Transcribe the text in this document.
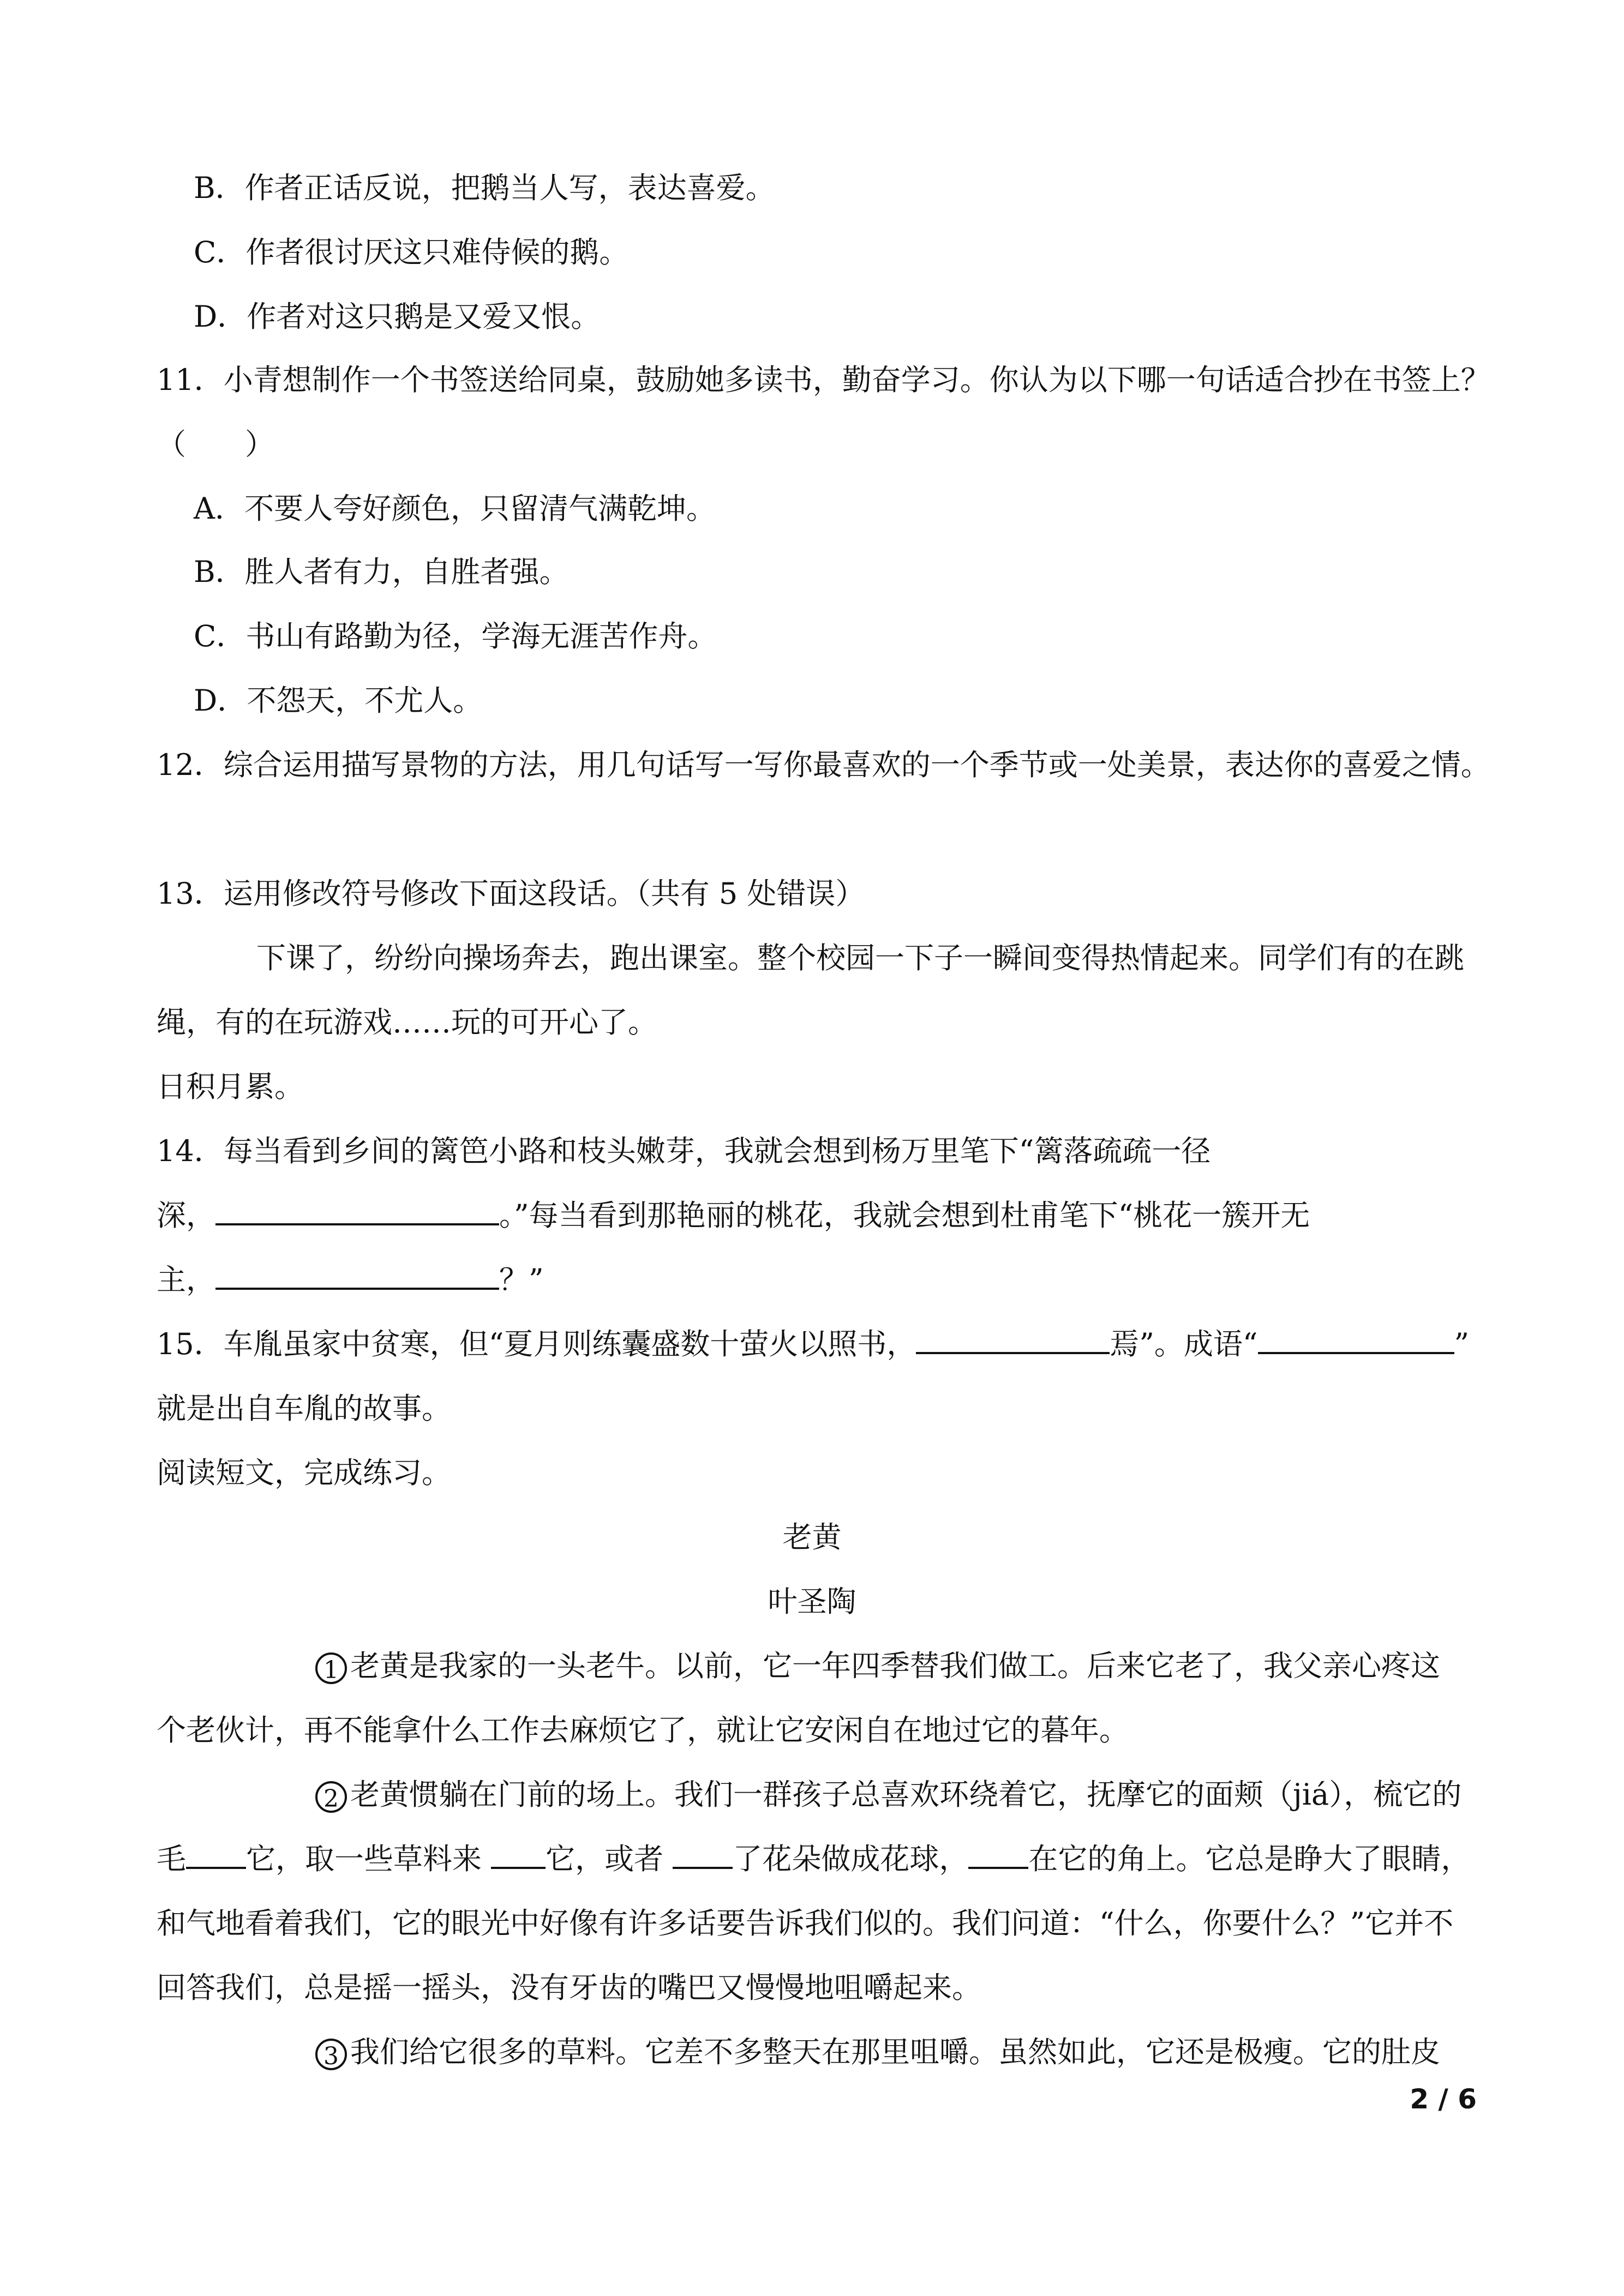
B．作者正话反说，把鹅当人写，表达喜爱。
C．作者很讨厌这只难侍候的鹅。
D．作者对这只鹅是又爱又恨。
11．小青想制作一个书签送给同桌，鼓励她多读书，勤奋学习。你认为以下哪一句话适合抄在书签上？
（　　）
A．不要人夸好颜色，只留清气满乾坤。
B．胜人者有力，自胜者强。
C．书山有路勤为径，学海无涯苦作舟。
D．不怨天，不尤人。
12．综合运用描写景物的方法，用几句话写一写你最喜欢的一个季节或一处美景，表达你的喜爱之情。
13．运用修改符号修改下面这段话。（共有 5 处错误）
下课了，纷纷向操场奔去，跑出课室。整个校园一下子一瞬间变得热情起来。同学们有的在跳
绳，有的在玩游戏……玩的可开心了。
日积月累。
14．每当看到乡间的篱笆小路和枝头嫩芽，我就会想到杨万里笔下“篱落疏疏一径
深，	。”每当看到那艳丽的桃花，我就会想到杜甫笔下“桃花一簇开无
主，	？”
15．车胤虽家中贫寒，但“夏月则练囊盛数十萤火以照书，	焉”。成语“	”
就是出自车胤的故事。
阅读短文，完成练习。
老黄
叶圣陶
1 老黄是我家的一头老牛。以前，它一年四季替我们做工。后来它老了，我父亲心疼这
个老伙计，再不能拿什么工作去麻烦它了，就让它安闲自在地过它的暮年。
2 老黄惯躺在门前的场上。我们一群孩子总喜欢环绕着它，抚摩它的面颊（jiá），梳它的
毛 它，取一些草料来 它，或者 了花朵做成花球， 在它的角上。它总是睁大了眼睛，
和气地看着我们，它的眼光中好像有许多话要告诉我们似的。我们问道：“什么，你要什么？”它并不
回答我们，总是摇一摇头，没有牙齿的嘴巴又慢慢地咀嚼起来。
3 我们给它很多的草料。它差不多整天在那里咀嚼。虽然如此，它还是极瘦。它的肚皮
2 / 6
